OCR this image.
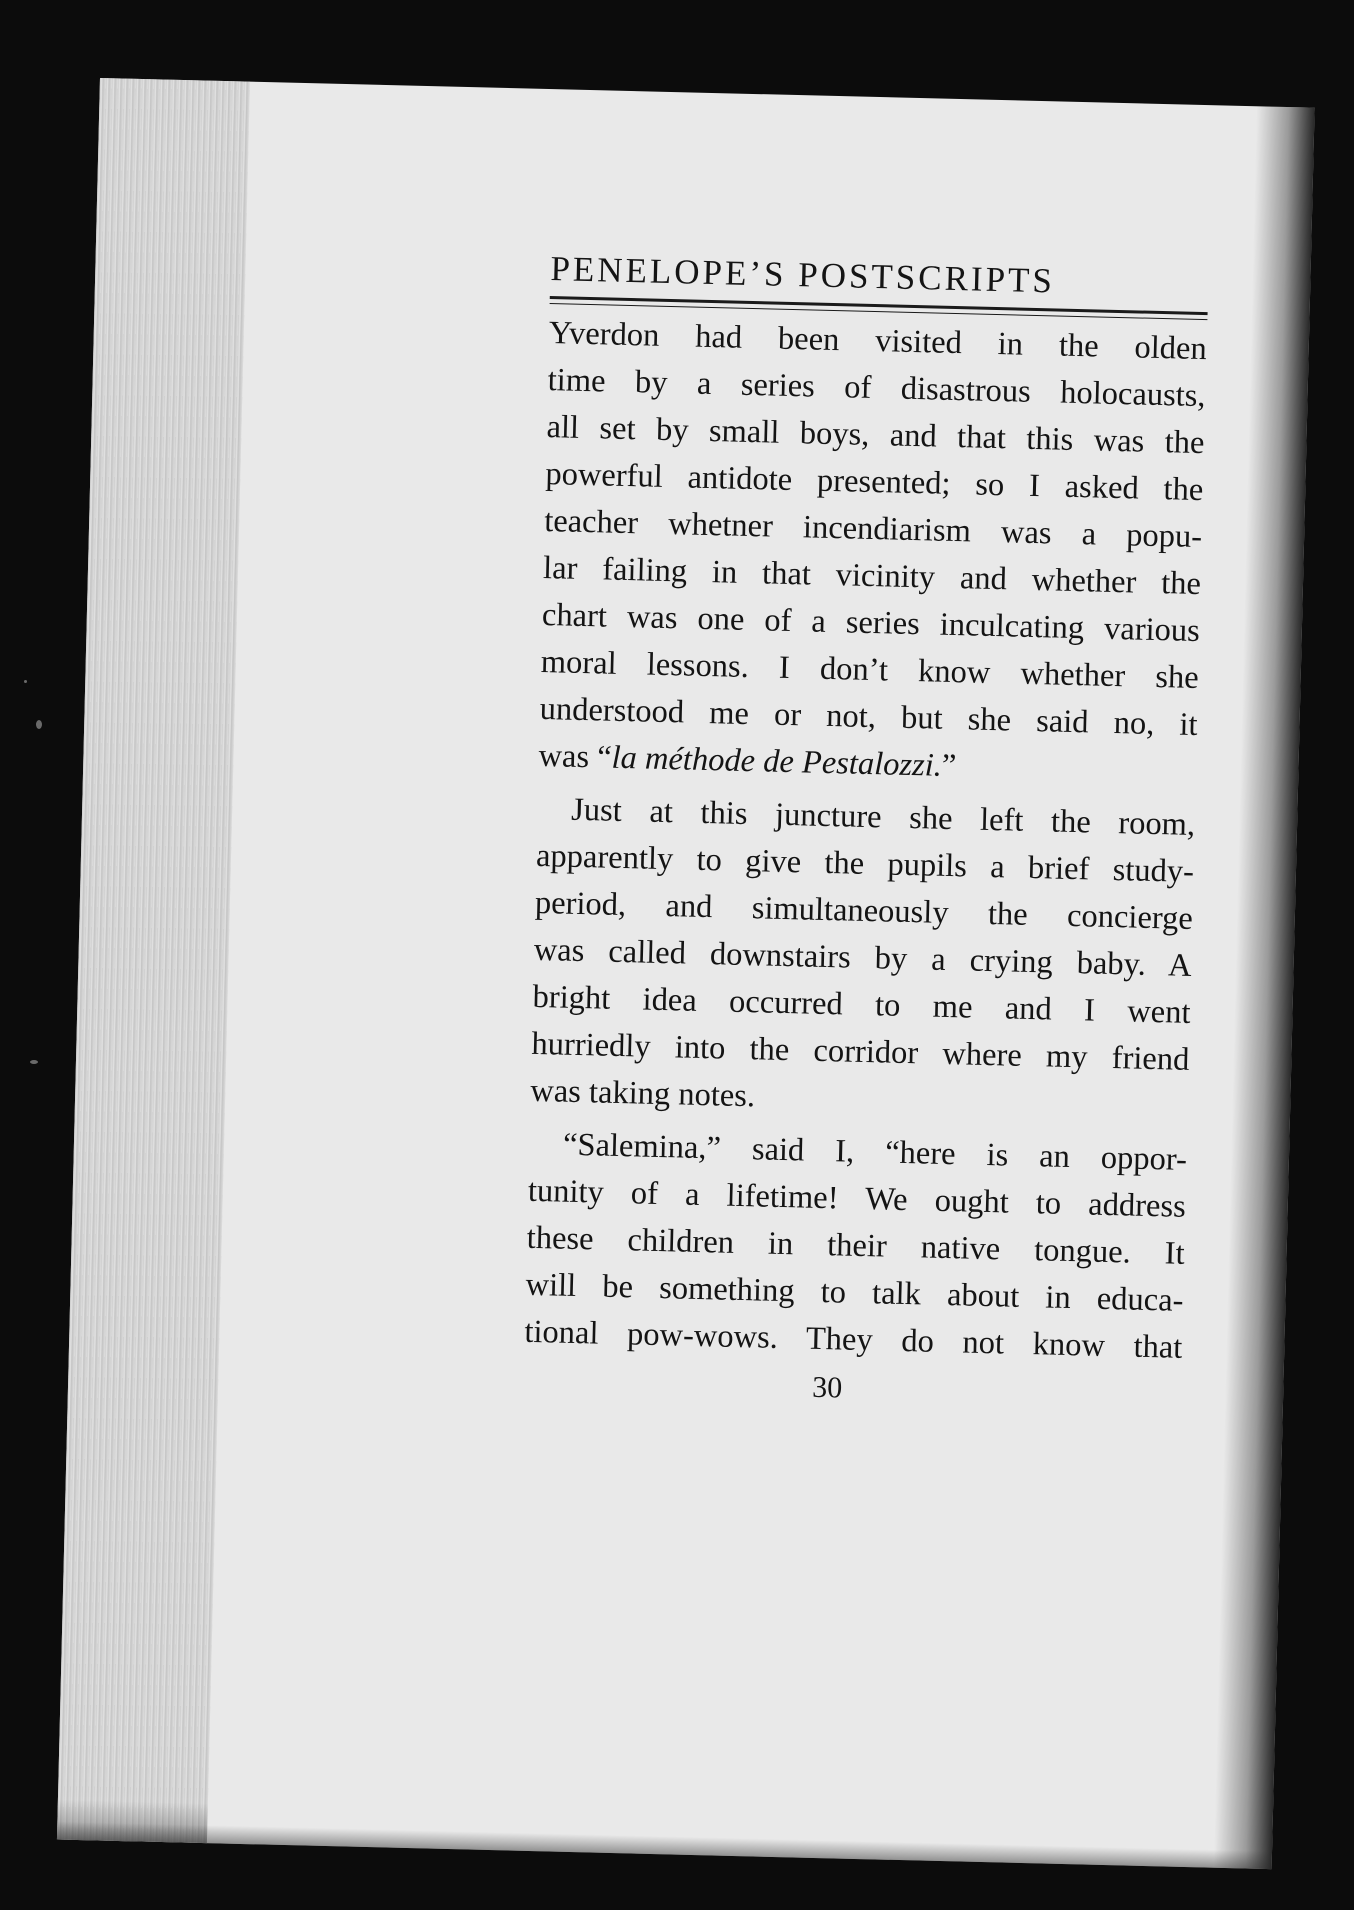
PENELOPE’S POSTSCRIPTS
Yverdon had been visited in the olden
time by a series of disastrous holocausts,
all set by small boys, and that this was the
powerful antidote presented; so I asked the
teacher whetner incendiarism was a popu-
lar failing in that vicinity and whether the
chart was one of a series inculcating various
moral lessons. I don’t know whether she
understood me or not, but she said no, it
was “la méthode de Pestalozzi.”
Just at this juncture she left the room,
apparently to give the pupils a brief study-
period, and simultaneously the concierge
was called downstairs by a crying baby. A
bright idea occurred to me and I went
hurriedly into the corridor where my friend
was taking notes.
“Salemina,” said I, “here is an oppor-
tunity of a lifetime! We ought to address
these children in their native tongue. It
will be something to talk about in educa-
tional pow-wows. They do not know that
30
